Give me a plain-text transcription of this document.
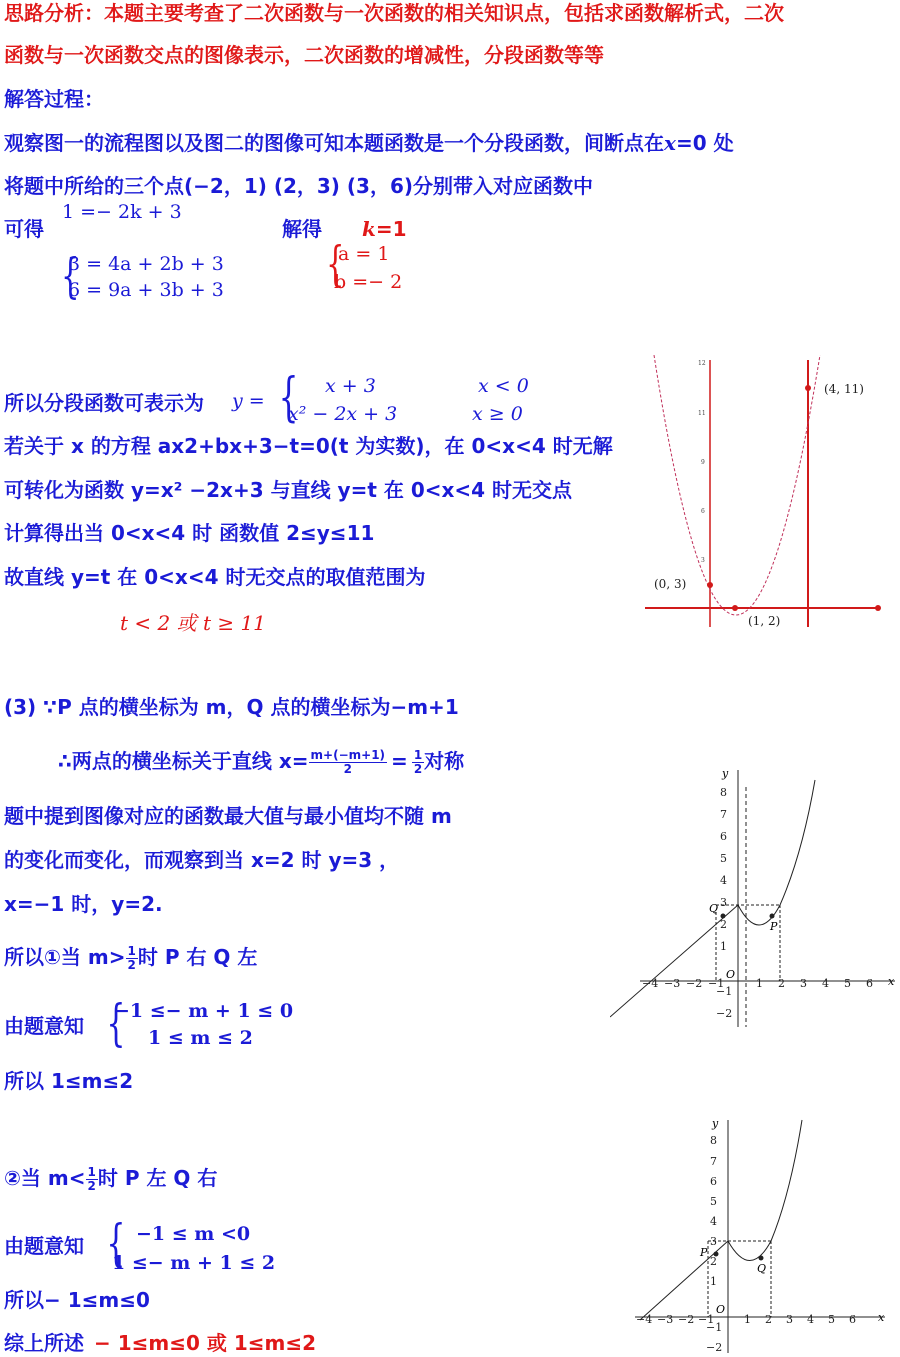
思路分析：本题主要考查了二次函数与一次函数的相关知识点，包括求函数解析式，二次
函数与一次函数交点的图像表示，二次函数的增减性，分段函数等等
解答过程：
观察图一的流程图以及图二的图像可知本题函数是一个分段函数，间断点在x=0 处
将题中所给的三个点(−2，1) (2，3) (3，6)分别带入对应函数中
可得
1 =− 2k + 3
解得 k=1
{
3 = 4a + 2b + 3
6 = 9a + 3b + 3 {
a = 1
b =− 2
所以分段函数可表示为 y = { x + 3	x < 0
x² − 2x + 3	x ≥ 0
若关于 x 的方程 ax2+bx+3−t=0(t 为实数)，在 0<x<4 时无解
可转化为函数 y=x² −2x+3 与直线 y=t 在 0<x<4 时无交点
计算得出当 0<x<4 时 函数值 2≤y≤11
故直线 y=t 在 0<x<4 时无交点的取值范围为
t < 2 或 t ≥ 11
12
11
9
6
3
(0, 3)
(1, 2)
(4, 11)
(3) ∵P 点的横坐标为 m，Q 点的横坐标为−m+1
∴两点的横坐标关于直线 $x= \frac{m+(-m+1)}{2} = \frac{1}{2}$ 对称
题中提到图像对应的函数最大值与最小值均不随 m
的变化而变化，而观察到当 x=2 时 y=3 ，
x=−1 时，y=2.
所以①当 $m> \frac{1}{2}$ 时 P 右 Q 左
由题意知 {
−1 ≤− m + 1 ≤ 0
1 ≤ m ≤ 2
所以 1≤m≤2
②当 $m< \frac{1}{2}$ 时 P 左 Q 右
由题意知 { −1 ≤ m <0
1 ≤− m + 1 ≤ 2
所以− 1≤m≤0
综上所述 − 1≤m≤0 或 1≤m≤2
y
x
O
Q
P
8
7
6
5
4
3
2
1
−1
−2
−4 −3 −2 −1	1 2 3 4 5 6
y
x
O
P
Q
8
7
6
5
4
3
2
1
−1
−2
−4 −3 −2 −1	1 2 3 4 5 6
